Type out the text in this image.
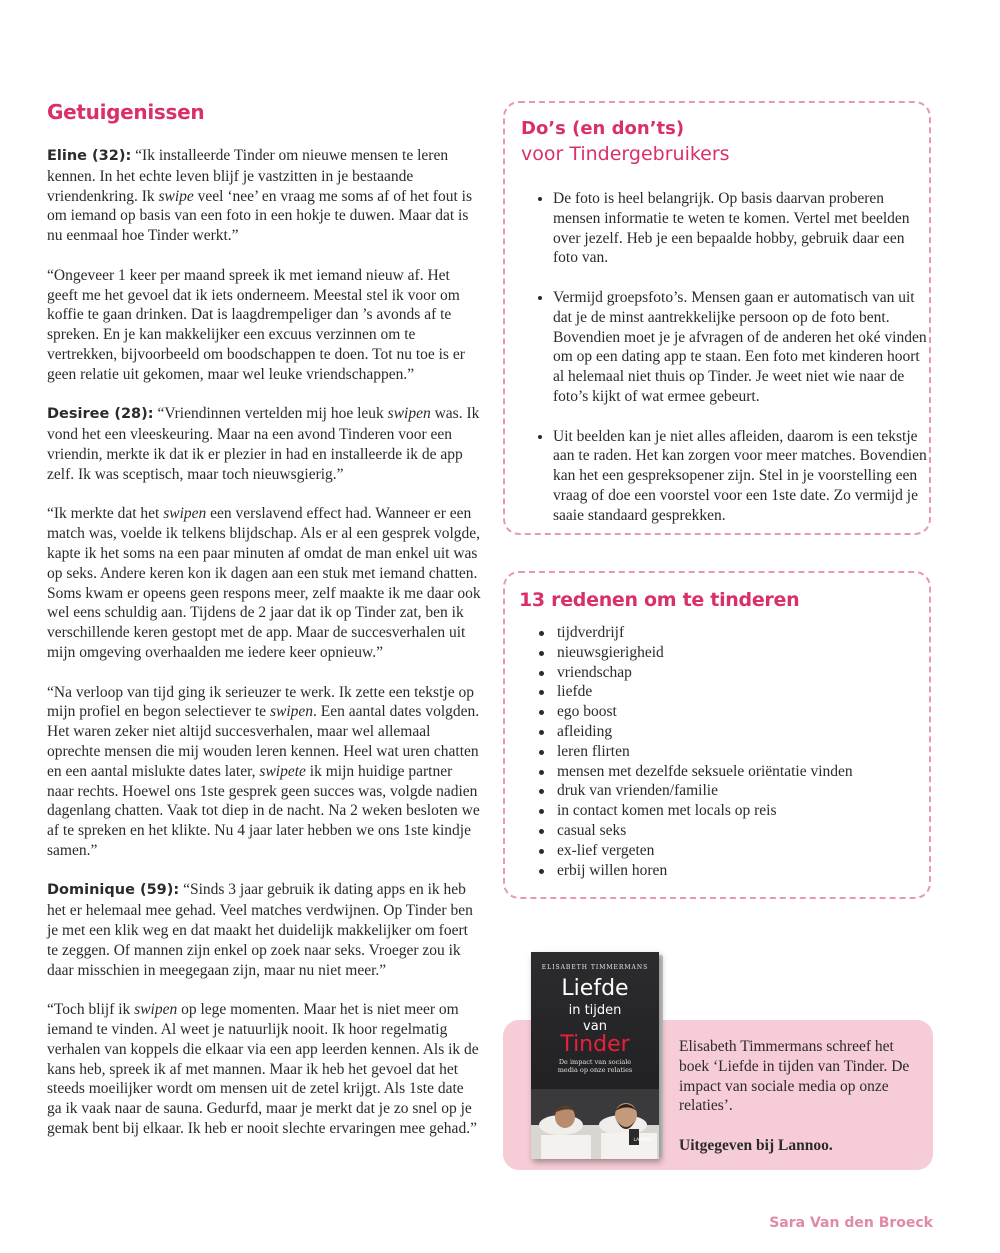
Getuigenissen

Eline (32): “Ik installeerde Tinder om nieuwe mensen te leren kennen. In het echte leven blijf je vastzitten in je bestaande vriendenkring. Ik swipe veel ‘nee’ en vraag me soms af of het fout is om iemand op basis van een foto in een hokje te duwen. Maar dat is nu eenmaal hoe Tinder werkt.”

“Ongeveer 1 keer per maand spreek ik met iemand nieuw af. Het geeft me het gevoel dat ik iets onderneem. Meestal stel ik voor om koffie te gaan drinken. Dat is laagdrempeliger dan ’s avonds af te spreken. En je kan makkelijker een excuus verzinnen om te vertrekken, bijvoorbeeld om boodschappen te doen. Tot nu toe is er geen relatie uit gekomen, maar wel leuke vriendschappen.”

Desiree (28): “Vriendinnen vertelden mij hoe leuk swipen was. Ik vond het een vleeskeuring. Maar na een avond Tinderen voor een vriendin, merkte ik dat ik er plezier in had en installeerde ik de app zelf. Ik was sceptisch, maar toch nieuwsgierig.”

“Ik merkte dat het swipen een verslavend effect had. Wanneer er een match was, voelde ik telkens blijdschap. Als er al een gesprek volgde, kapte ik het soms na een paar minuten af omdat de man enkel uit was op seks. Andere keren kon ik dagen aan een stuk met iemand chatten. Soms kwam er opeens geen respons meer, zelf maakte ik me daar ook wel eens schuldig aan. Tijdens de 2 jaar dat ik op Tinder zat, ben ik verschillende keren gestopt met de app. Maar de succesverhalen uit mijn omgeving overhaalden me iedere keer opnieuw.”

“Na verloop van tijd ging ik serieuzer te werk. Ik zette een tekstje op mijn profiel en begon selectiever te swipen. Een aantal dates volgden. Het waren zeker niet altijd succesverhalen, maar wel allemaal oprechte mensen die mij wouden leren kennen. Heel wat uren chatten en een aantal mislukte dates later, swipete ik mijn huidige partner naar rechts. Hoewel ons 1ste gesprek geen succes was, volgde nadien dagenlang chatten. Vaak tot diep in de nacht. Na 2 weken besloten we af te spreken en het klikte. Nu 4 jaar later hebben we ons 1ste kindje samen.”

Dominique (59): “Sinds 3 jaar gebruik ik dating apps en ik heb het er helemaal mee gehad. Veel matches verdwijnen. Op Tinder ben je met een klik weg en dat maakt het duidelijk makkelijker om foert te zeggen. Of mannen zijn enkel op zoek naar seks. Vroeger zou ik daar misschien in meegegaan zijn, maar nu niet meer.”

“Toch blijf ik swipen op lege momenten. Maar het is niet meer om iemand te vinden. Al weet je natuurlijk nooit. Ik hoor regelmatig verhalen van koppels die elkaar via een app leerden kennen. Als ik de kans heb, spreek ik af met mannen. Maar ik heb het gevoel dat het steeds moeilijker wordt om mensen uit de zetel krijgt. Als 1ste date ga ik vaak naar de sauna. Gedurfd, maar je merkt dat je zo snel op je gemak bent bij elkaar. Ik heb er nooit slechte ervaringen mee gehad.”

Do’s (en don’ts)
voor Tindergebruikers
• De foto is heel belangrijk. Op basis daarvan proberen mensen informatie te weten te komen. Vertel met beelden over jezelf. Heb je een bepaalde hobby, gebruik daar een foto van.
• Vermijd groepsfoto’s. Mensen gaan er automatisch van uit dat je de minst aantrekkelijke persoon op de foto bent. Bovendien moet je je afvragen of de anderen het oké vinden om op een dating app te staan. Een foto met kinderen hoort al helemaal niet thuis op Tinder. Je weet niet wie naar de foto’s kijkt of wat ermee gebeurt.
• Uit beelden kan je niet alles afleiden, daarom is een tekstje aan te raden. Het kan zorgen voor meer matches. Bovendien kan het een gespreksopener zijn. Stel in je voorstelling een vraag of doe een voorstel voor een 1ste date. Zo vermijd je saaie standaard gesprekken.
13 redenen om te tinderen
tijdverdrijf
nieuwsgierigheid
vriendschap
liefde
ego boost
afleiding
leren flirten
mensen met dezelfde seksuele oriëntatie vinden
druk van vrienden/familie
in contact komen met locals op reis
casual seks
ex-lief vergeten
erbij willen horen

Elisabeth Timmermans schreef het boek ‘Liefde in tijden van Tinder. De impact van sociale media op onze relaties’.

Uitgegeven bij Lannoo.

ELISABETH TIMMERMANS
Liefde
in tijden
van
Tinder
De impact van sociale media op onze relaties
LANNOO
Sara Van den Broeck
